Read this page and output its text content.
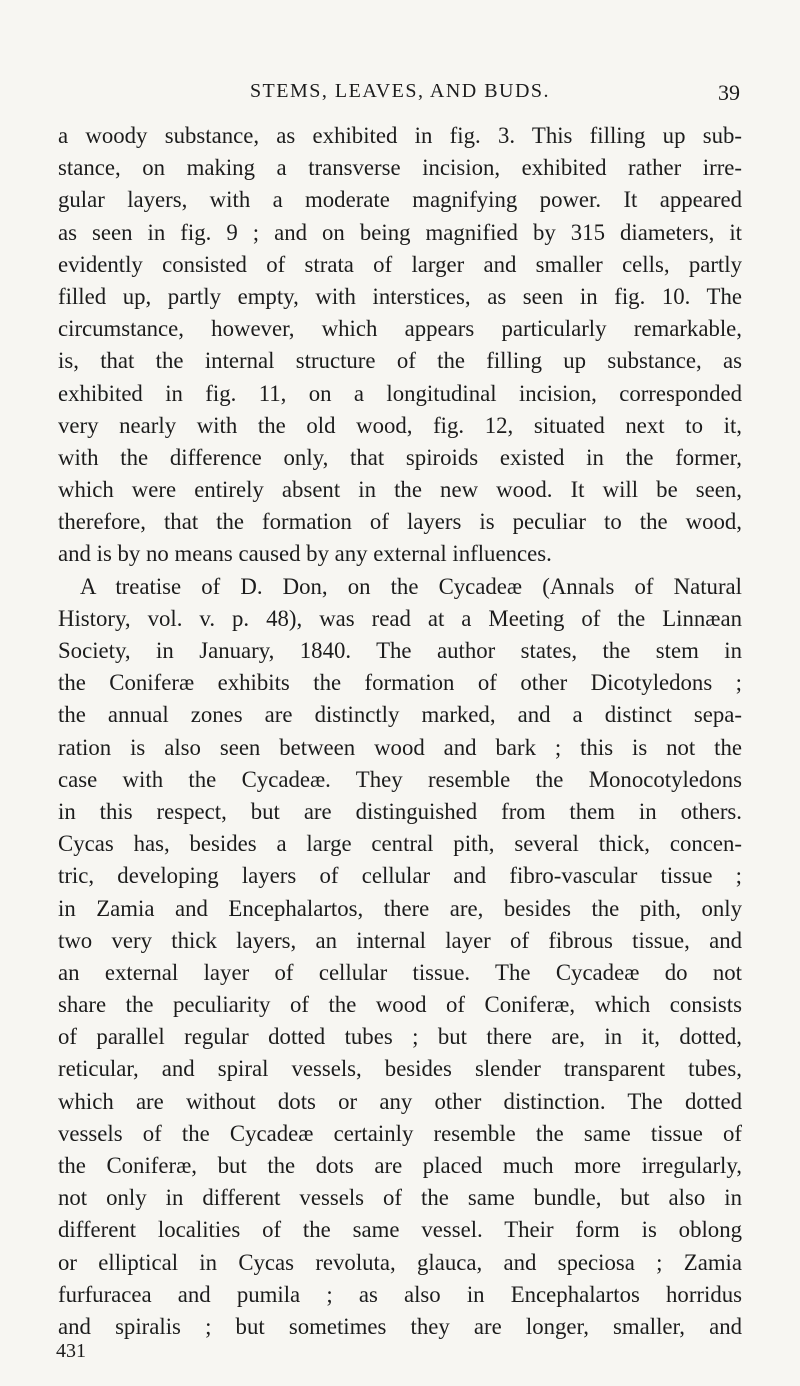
STEMS, LEAVES, AND BUDS.	39
a woody substance, as exhibited in fig. 3. This filling up sub-
stance, on making a transverse incision, exhibited rather irre-
gular layers, with a moderate magnifying power. It appeared
as seen in fig. 9 ; and on being magnified by 315 diameters, it
evidently consisted of strata of larger and smaller cells, partly
filled up, partly empty, with interstices, as seen in fig. 10. The
circumstance, however, which appears particularly remarkable,
is, that the internal structure of the filling up substance, as
exhibited in fig. 11, on a longitudinal incision, corresponded
very nearly with the old wood, fig. 12, situated next to it,
with the difference only, that spiroids existed in the former,
which were entirely absent in the new wood. It will be seen,
therefore, that the formation of layers is peculiar to the wood,
and is by no means caused by any external influences.
A treatise of D. Don, on the Cycadeæ (Annals of Natural
History, vol. v. p. 48), was read at a Meeting of the Linnæan
Society, in January, 1840. The author states, the stem in
the Coniferæ exhibits the formation of other Dicotyledons ;
the annual zones are distinctly marked, and a distinct sepa-
ration is also seen between wood and bark ; this is not the
case with the Cycadeæ. They resemble the Monocotyledons
in this respect, but are distinguished from them in others.
Cycas has, besides a large central pith, several thick, concen-
tric, developing layers of cellular and fibro-vascular tissue ;
in Zamia and Encephalartos, there are, besides the pith, only
two very thick layers, an internal layer of fibrous tissue, and
an external layer of cellular tissue. The Cycadeæ do not
share the peculiarity of the wood of Coniferæ, which consists
of parallel regular dotted tubes ; but there are, in it, dotted,
reticular, and spiral vessels, besides slender transparent tubes,
which are without dots or any other distinction. The dotted
vessels of the Cycadeæ certainly resemble the same tissue of
the Coniferæ, but the dots are placed much more irregularly,
not only in different vessels of the same bundle, but also in
different localities of the same vessel. Their form is oblong
or elliptical in Cycas revoluta, glauca, and speciosa ; Zamia
furfuracea and pumila ; as also in Encephalartos horridus
and spiralis ; but sometimes they are longer, smaller, and
431
